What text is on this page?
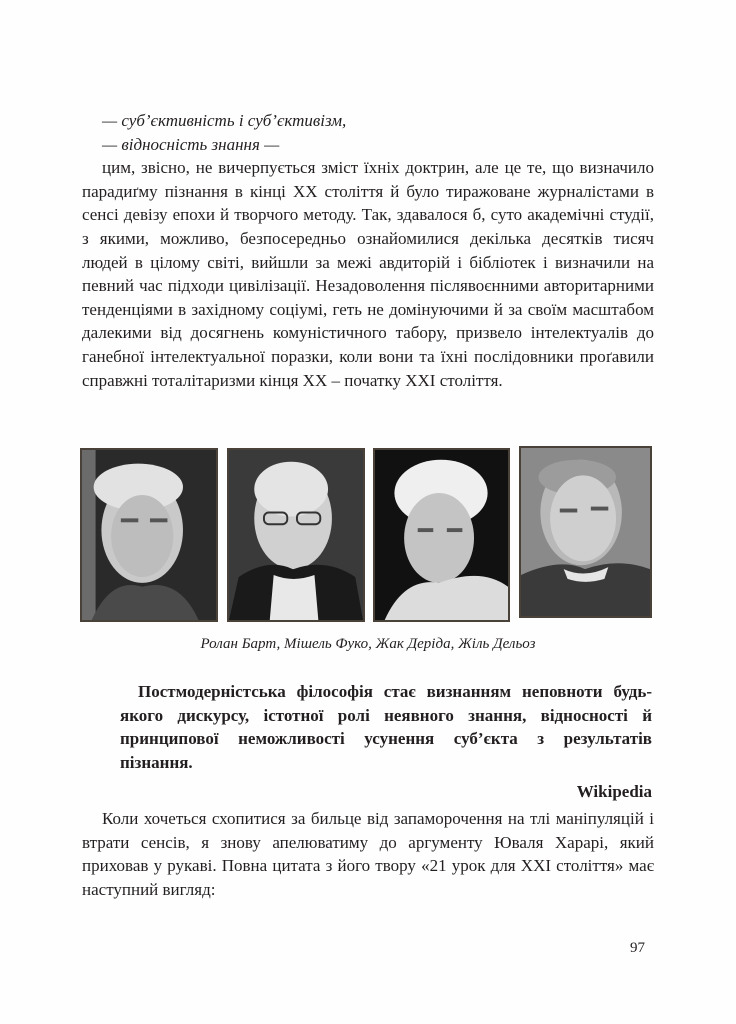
— суб’єктивність і суб’єктивізм,
— відносність знання —

цим, звісно, не вичерпується зміст їхніх доктрин, але це те, що визначило парадиґму пізнання в кінці XX століття й було тиражоване журналістами в сенсі девізу епохи й творчого методу. Так, здавалося б, суто академічні студії, з якими, можливо, безпосередньо ознайомилися декілька десятків тисяч людей в цілому світі, вийшли за межі авдиторій і бібліотек і визначили на певний час підходи цивілізації. Незадоволення післявоєнними авторитарними тенденціями в західному соціумі, геть не домінуючими й за своїм масштабом далекими від досягнень комуністичного табору, призвело інтелектуалів до ганебної інтелектуальної поразки, коли вони та їхні послідовники проґавили справжні тоталітаризми кінця XX – початку XXI століття.

Ролан Барт, Мішель Фуко, Жак Деріда, Жіль Дельоз

Постмодерністська філософія стає визнанням неповноти будь-якого дискурсу, істотної ролі неявного знання, відносності й принципової неможливості усунення суб’єкта з результатів пізнання.

Wikipedia

Коли хочеться схопитися за бильце від запаморочення на тлі маніпуляцій і втрати сенсів, я знову апелюватиму до аргументу Юваля Харарі, який приховав у рукаві. Повна цитата з його твору «21 урок для XXI століття» має наступний вигляд:

97
